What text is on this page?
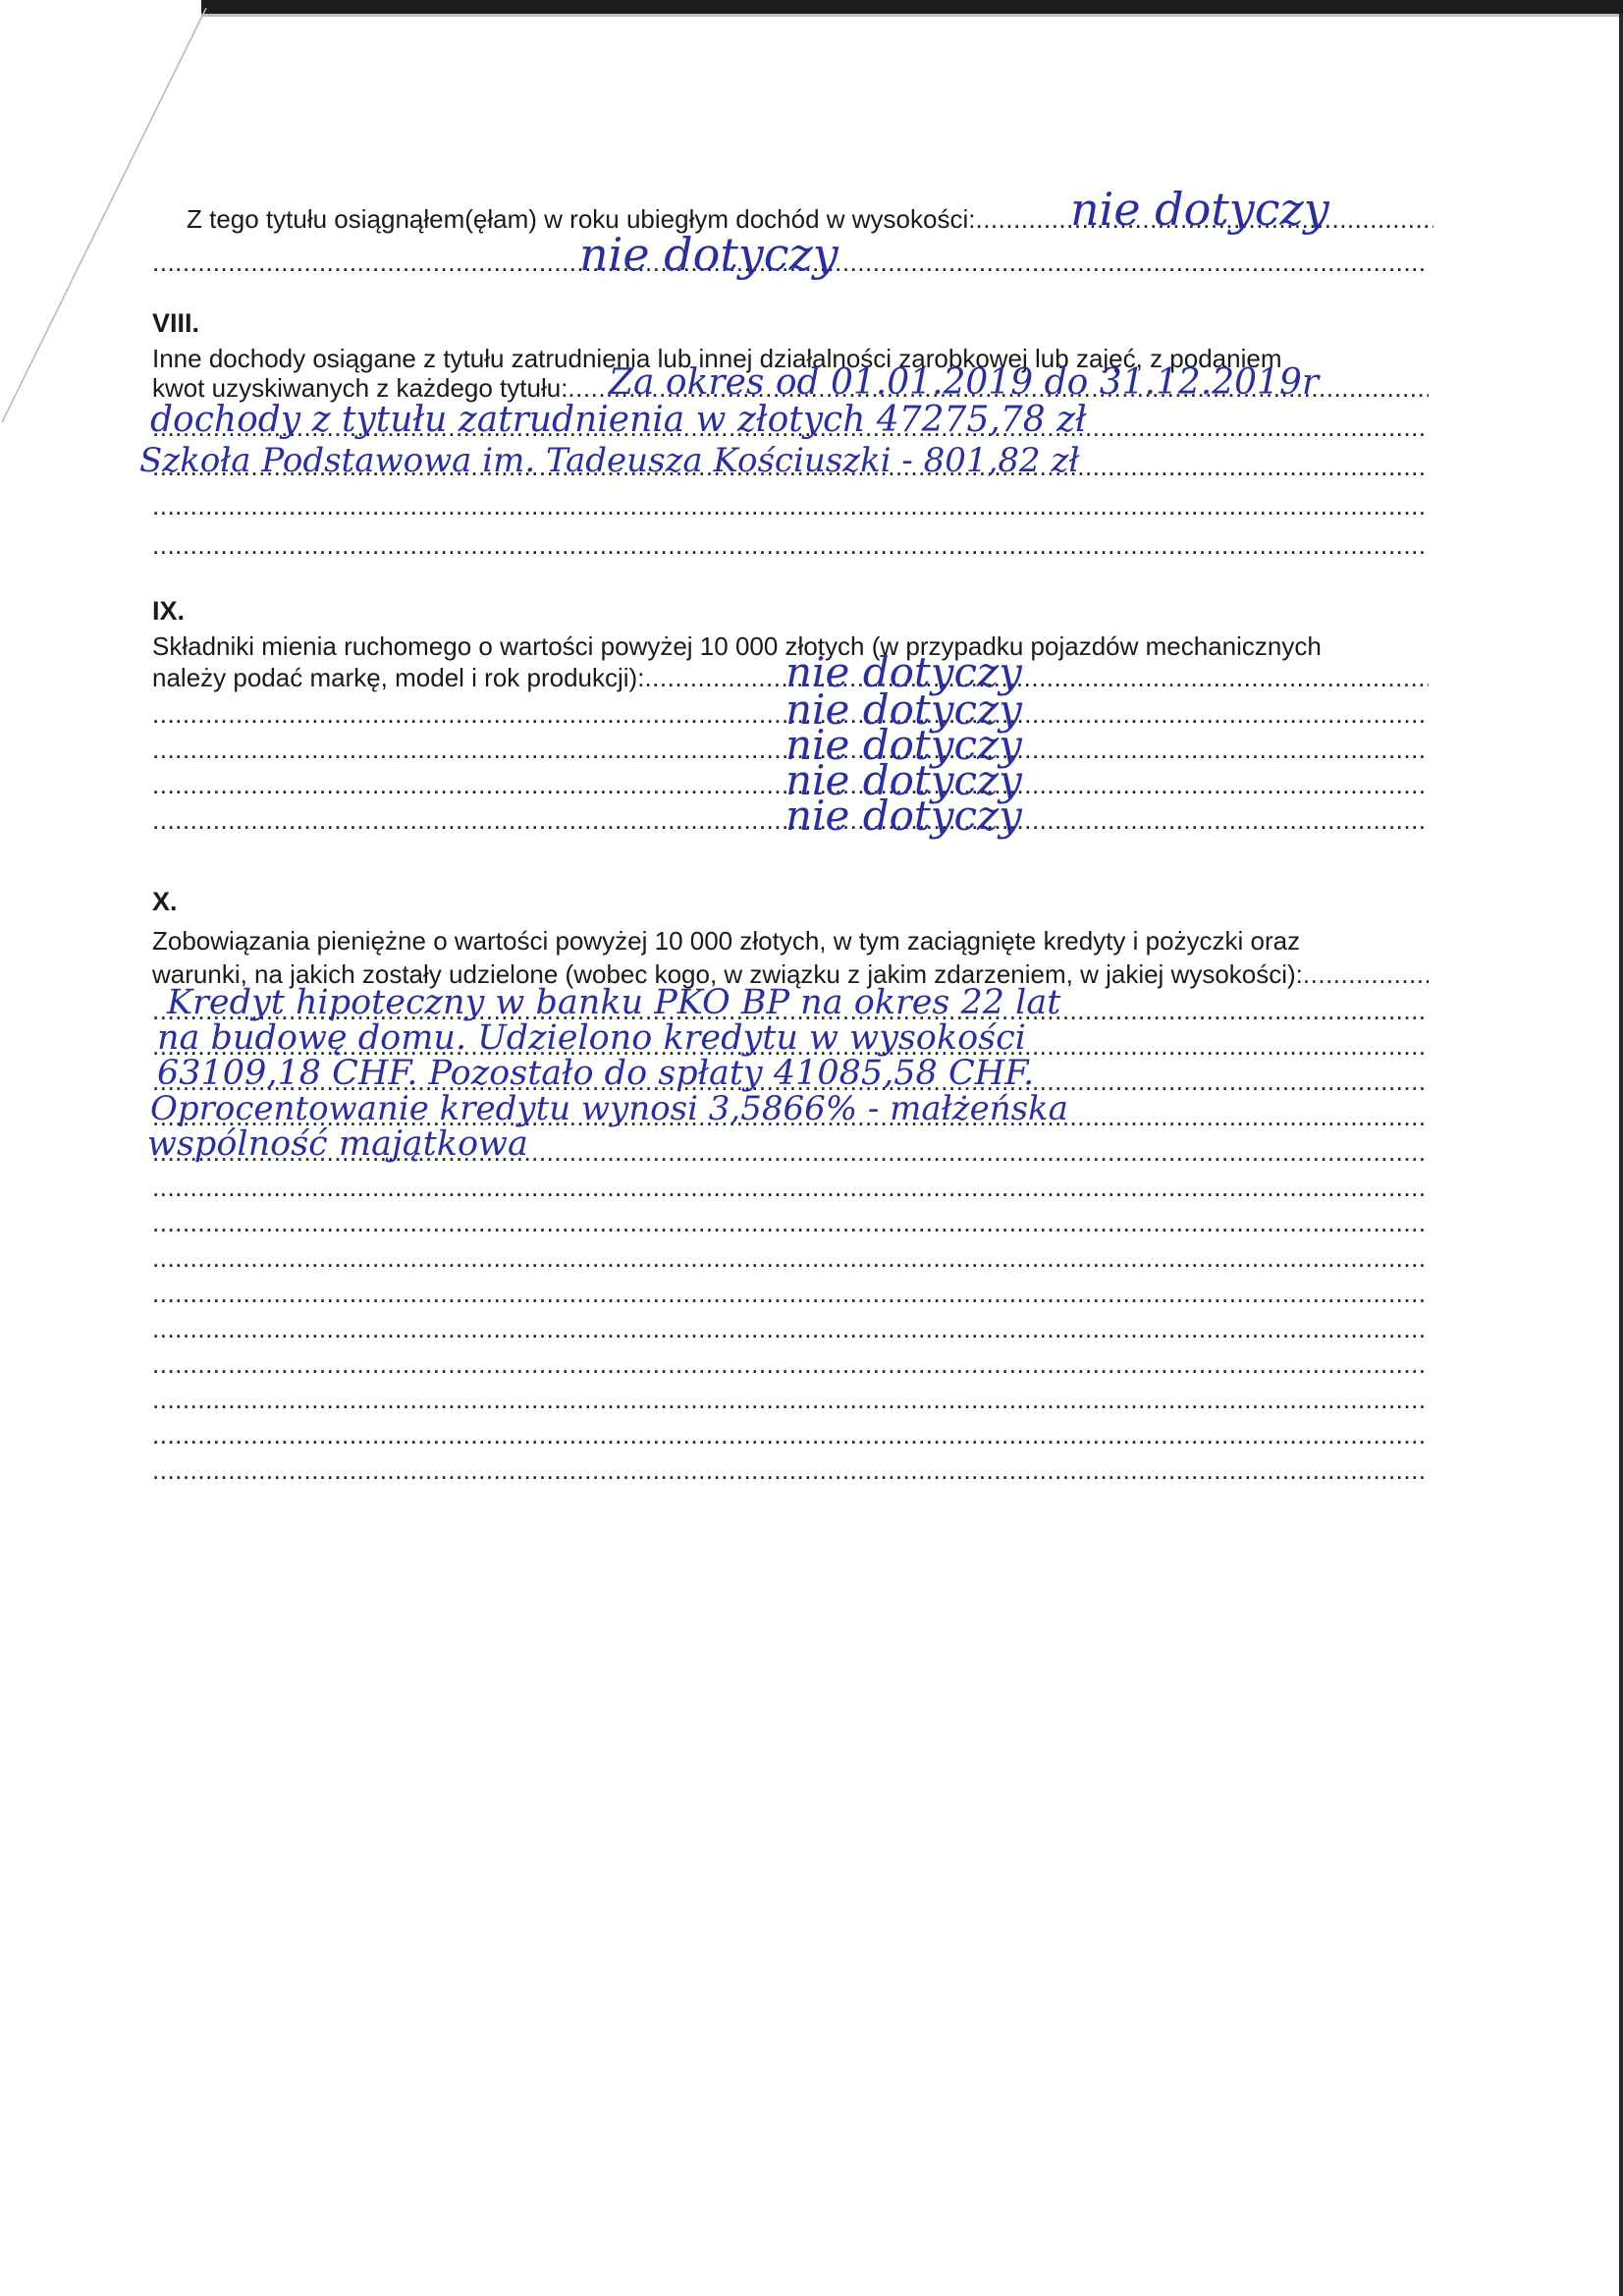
Z tego tytułu osiągnąłem(ęłam) w roku ubiegłym dochód w wysokości: ..... nie dotyczy
.....
nie dotyczy
VIII.
Inne dochody osiągane z tytułu zatrudnienia lub innej działalności zarobkowej lub zajęć, z podaniem
kwot uzyskiwanych z każdego tytułu: ..... Za okres od 01.01.2019 do 31.12.2019r
.....
dochody z tytułu zatrudnienia w złotych 47275,78 zł
.....
Szkoła Podstawowa im. Tadeusza Kościuszki - 801,82 zł
.....
.....
IX.
Składniki mienia ruchomego o wartości powyżej 10 000 złotych (w przypadku pojazdów mechanicznych
należy podać markę, model i rok produkcji): .....	nie dotyczy
.....
nie dotyczy
.....
nie dotyczy
.....
nie dotyczy
.....
nie dotyczy
X.
Zobowiązania pieniężne o wartości powyżej 10 000 złotych, w tym zaciągnięte kredyty i pożyczki oraz
warunki, na jakich zostały udzielone (wobec kogo, w związku z jakim zdarzeniem, w jakiej wysokości):
.....
.....
Kredyt hipoteczny w banku PKO BP na okres 22 lat
.....
na budowę domu. Udzielono kredytu w wysokości
.....
63109,18 CHF. Pozostało do spłaty 41085,58 CHF.
.....
Oprocentowanie kredytu wynosi 3,5866% - małżeńska
.....
wspólność majątkowa
.....
.....
.....
.....
.....
.....
.....
.....
.....
